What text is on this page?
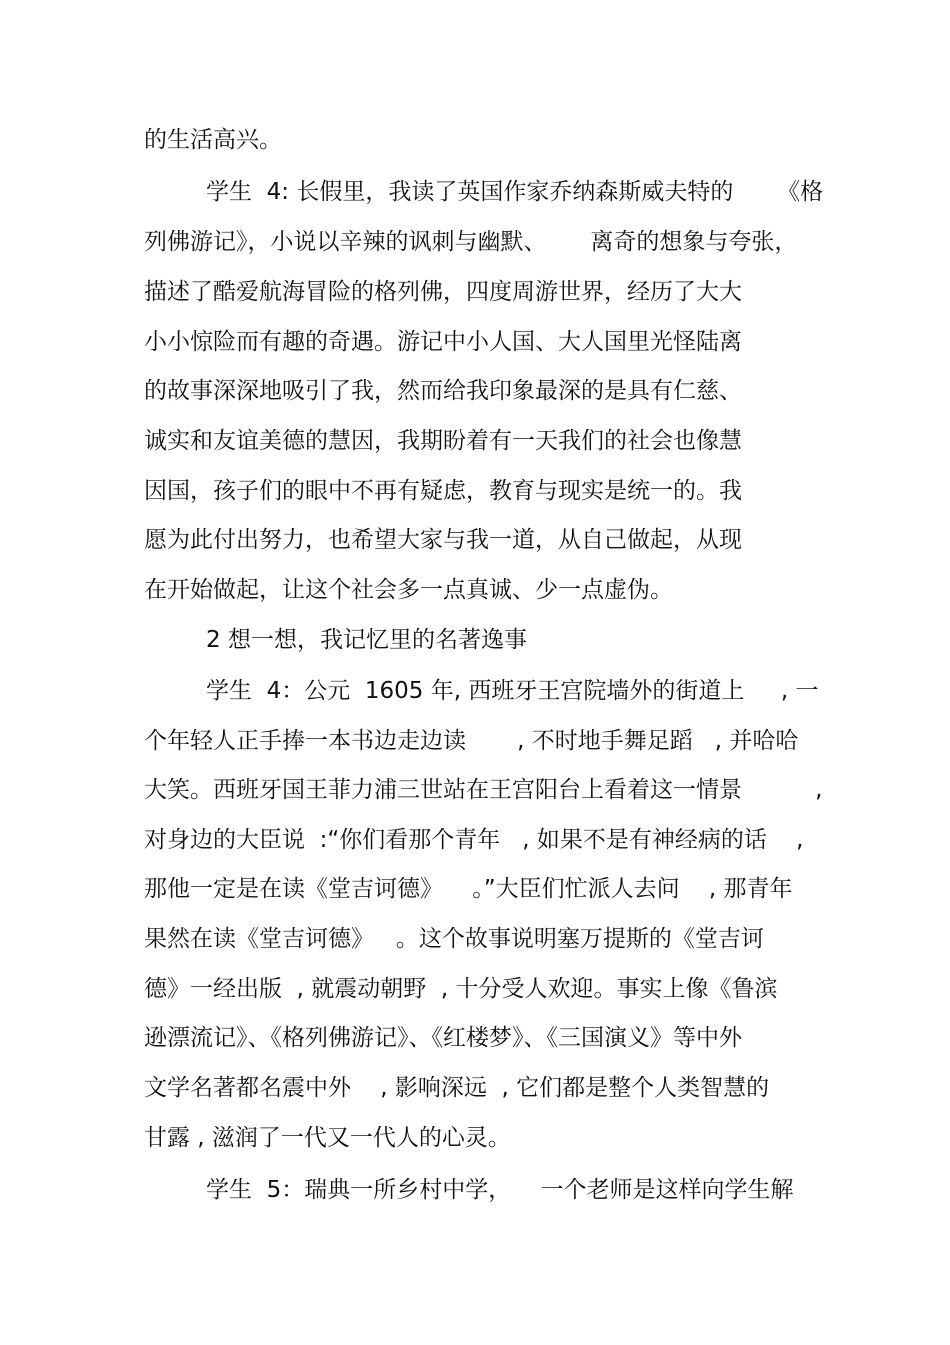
的生活高兴。
学生  4: 长假里，我读了英国作家乔纳森斯威夫特的      《格
列佛游记》，小说以辛辣的讽刺与幽默、      离奇的想象与夸张，
描述了酷爱航海冒险的格列佛，四度周游世界，经历了大大
小小惊险而有趣的奇遇。游记中小人国、大人国里光怪陆离
的故事深深地吸引了我，然而给我印象最深的是具有仁慈、
诚实和友谊美德的慧因，我期盼着有一天我们的社会也像慧
因国，孩子们的眼中不再有疑虑，教育与现实是统一的。我
愿为此付出努力，也希望大家与我一道，从自己做起，从现
在开始做起，让这个社会多一点真诚、少一点虚伪。
2 想一想，我记忆里的名著逸事
学生  4：公元  1605 年, 西班牙王宫院墙外的街道上     , 一
个年轻人正手捧一本书边走边读       , 不时地手舞足蹈   , 并哈哈
大笑。西班牙国王菲力浦三世站在王宫阳台上看着这一情景          ,
对身边的大臣说  :“你们看那个青年   , 如果不是有神经病的话    ,
那他一定是在读《堂吉诃德》    。”大臣们忙派人去问    , 那青年
果然在读《堂吉诃德》   。这个故事说明塞万提斯的《堂吉诃
德》一经出版  , 就震动朝野  , 十分受人欢迎。事实上像《鲁滨
逊漂流记》、《格列佛游记》、《红楼梦》、《三国演义》等中外
文学名著都名震中外    , 影响深远  , 它们都是整个人类智慧的
甘露 , 滋润了一代又一代人的心灵。
学生  5：瑞典一所乡村中学，    一个老师是这样向学生解
